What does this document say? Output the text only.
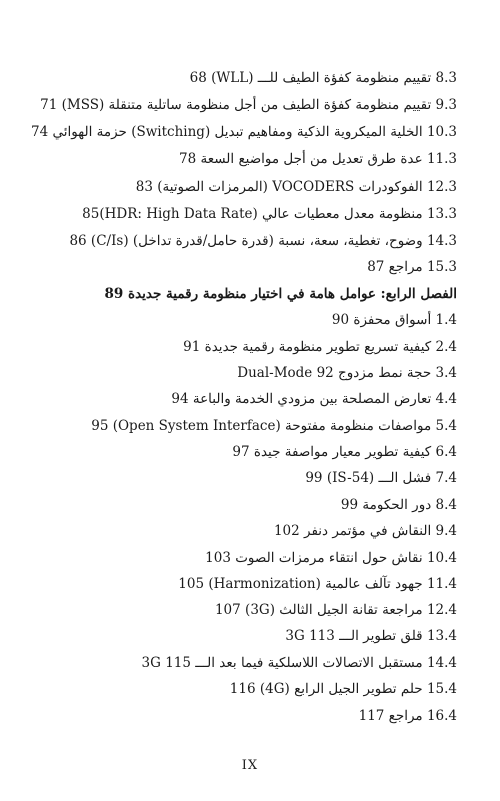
8.3 تقييم منظومة كفؤة الطيف للـــ (WLL) 68
9.3 تقييم منظومة كفؤة الطيف من أجل منظومة ساتلية متنقلة (MSS) 71
10.3 الخلية الميكروية الذكية ومفاهيم تبديل (Switching) حزمة الهوائي 74
11.3 عدة طرق تعديل من أجل مواضيع السعة 78
12.3 الفوكودرات VOCODERS (المرمزات الصوتية) 83
13.3 منظومة معدل معطيات عالي (HDR: High Data Rate)85
14.3 وضوح، تغطية، سعة، نسبة (قدرة حامل/قدرة تداخل) (C/Is) 86
15.3 مراجع 87
الفصل الرابع: عوامل هامة في اختيار منظومة رقمية جديدة 89
1.4 أسواق محفزة 90
2.4 كيفية تسريع تطوير منظومة رقمية جديدة 91
3.4 حجة نمط مزدوج Dual-Mode 92
4.4 تعارض المصلحة بين مزودي الخدمة والباعة 94
5.4 مواصفات منظومة مفتوحة (Open System Interface) 95
6.4 كيفية تطوير معيار مواصفة جيدة 97
7.4 فشل الـــ (IS-54) 99
8.4 دور الحكومة 99
9.4 النقاش في مؤتمر دنفر 102
10.4 نقاش حول انتقاء مرمزات الصوت 103
11.4 جهود تآلف عالمية (Harmonization) 105
12.4 مراجعة تقانة الجيل الثالث (3G) 107
13.4 قلق تطوير الـــ 3G 113
14.4 مستقبل الاتصالات اللاسلكية فيما بعد الـــ 3G 115
15.4 حلم تطوير الجيل الرابع (4G) 116
16.4 مراجع 117
IX
